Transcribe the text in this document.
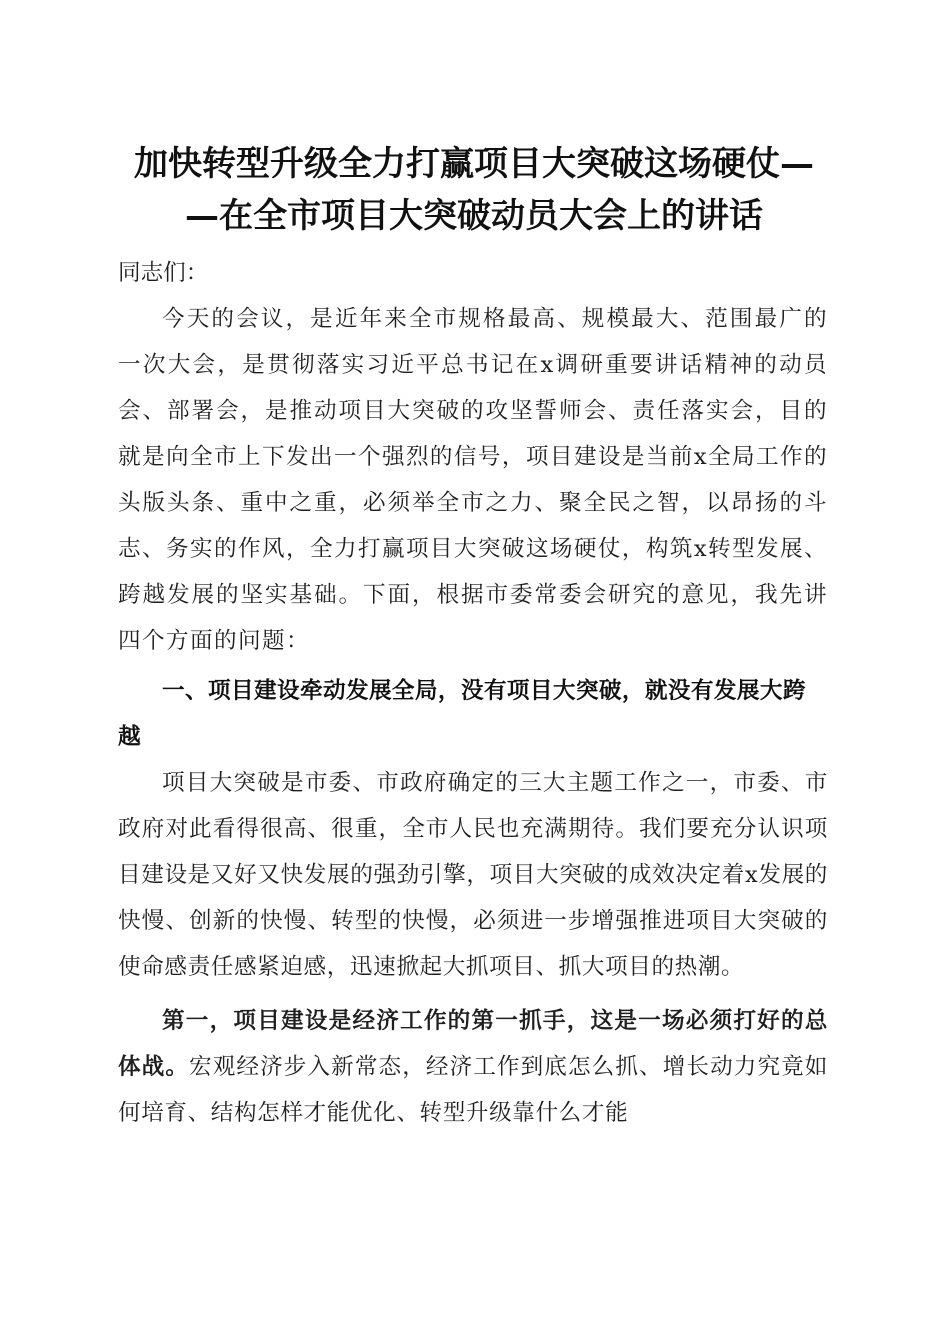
加快转型升级全力打赢项目大突破这场硬仗—
—在全市项目大突破动员大会上的讲话

同志们：

今天的会议，是近年来全市规格最高、规模最大、范围最广的一次大会，是贯彻落实习近平总书记在x调研重要讲话精神的动员会、部署会，是推动项目大突破的攻坚誓师会、责任落实会，目的就是向全市上下发出一个强烈的信号，项目建设是当前x全局工作的头版头条、重中之重，必须举全市之力、聚全民之智，以昂扬的斗志、务实的作风，全力打赢项目大突破这场硬仗，构筑x转型发展、跨越发展的坚实基础。下面，根据市委常委会研究的意见，我先讲四个方面的问题：

一、项目建设牵动发展全局，没有项目大突破，就没有发展大跨越

项目大突破是市委、市政府确定的三大主题工作之一，市委、市政府对此看得很高、很重，全市人民也充满期待。我们要充分认识项目建设是又好又快发展的强劲引擎，项目大突破的成效决定着x发展的快慢、创新的快慢、转型的快慢，必须进一步增强推进项目大突破的使命感责任感紧迫感，迅速掀起大抓项目、抓大项目的热潮。

第一，项目建设是经济工作的第一抓手，这是一场必须打好的总体战。宏观经济步入新常态，经济工作到底怎么抓、增长动力究竟如何培育、结构怎样才能优化、转型升级靠什么才能
